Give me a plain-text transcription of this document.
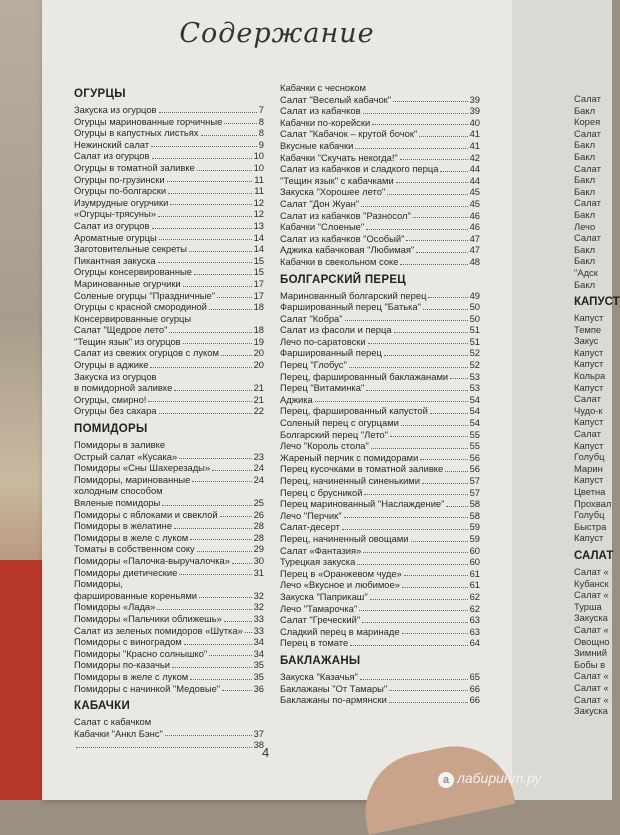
Содержание
ОГУРЦЫ
Закуска из огурцов	7
Огурцы маринованные горчичные	8
Огурцы в капустных листьях	8
Нежинский салат	9
Салат из огурцов	10
Огурцы в томатной заливке	10
Огурцы по-грузински	11
Огурцы по-болгарски	11
Изумрудные огурчики	12
«Огурцы-трясуны»	12
Салат из огурцов	13
Ароматные огурцы	14
Заготовительные секреты	14
Пикантная закуска	15
Огурцы консервированные	15
Маринованные огурчики	17
Соленые огурцы "Праздничные"	17
Огурцы с красной смородиной	18
Консервированные огурцы
Салат "Щедрое лето"	18
"Тещин язык" из огурцов	19
Салат из свежих огурцов с луком	20
Огурцы в аджике	20
Закуска из огурцов
в помидорной заливке	21
Огурцы, смирно!	21
Огурцы без сахара	22
ПОМИДОРЫ
Помидоры в заливке
Острый салат «Кусака»	23
Помидоры «Сны Шахерезады»	24
Помидоры, маринованные	24
холодным способом
Вяленые помидоры	25
Помидоры с яблоками и свеклой	26
Помидоры в желатине	28
Помидоры в желе с луком	28
Томаты в собственном соку	29
Помидоры «Палочка-выручалочка»	30
Помидоры диетические	31
Помидоры,
фаршированные кореньями	32
Помидоры «Лада»	32
Помидоры «Пальчики оближешь»	33
Салат из зеленых помидоров «Шутка» 33
Помидоры с виноградом	34
Помидоры "Красно солнышко"	34
Помидоры по-казачьи	35
Помидоры в желе с луком	35
Помидоры с начинкой "Медовые"	36
КАБАЧКИ
Салат с кабачком
Кабачки "Анкл Бэнс"	37
38
Кабачки с чесноком
Салат "Веселый кабачок"	39
Салат из кабачков	39
Кабачки по-корейски	40
Салат "Кабачок – крутой бочок"	41
Вкусные кабачки	41
Кабачки "Скучать некогда!"	42
Салат из кабачков и сладкого перца	44
"Тещин язык" с кабачками	44
Закуска "Хорошее лето"	45
Салат "Дон Жуан"	45
Салат из кабачков "Разносол"	46
Кабачки "Слоеные"	46
Салат из кабачков "Особый"	47
Аджика кабачковая "Любимая"	47
Кабачки в свекольном соке	48
БОЛГАРСКИЙ ПЕРЕЦ
Маринованный болгарский перец	49
Фаршированный перец "Батька"	50
Салат "Кобра"	50
Салат из фасоли и перца	51
Лечо по-саратовски	51
Фаршированный перец	52
Перец "Глобус"	52
Перец, фаршированный баклажанами 53
Перец "Витаминка"	53
Аджика	54
Перец, фаршированный капустой	54
Соленый перец с огурцами	54
Болгарский перец "Лето"	55
Лечо "Король стола"	55
Жареный перчик с помидорами	56
Перец кусочками в томатной заливке	56
Перец, начиненный синенькими	57
Перец с брусникой	57
Перец маринованный "Наслаждение"	58
Лечо "Перчик"	58
Салат-десерт	59
Перец, начиненный овощами	59
Салат «Фантазия»	60
Турецкая закуска	60
Перец в «Оранжевом чуде»	61
Лечо «Вкусное и любимое»	61
Закуска "Паприкаш"	62
Лечо "Тамарочка"	62
Салат "Греческий"	63
Сладкий перец в маринаде	63
Перец в томате	64
БАКЛАЖАНЫ
Закуска "Казачья"	65
Баклажаны "От Тамары"	66
Баклажаны по-армянски	66
4
Салат
Бакл
Корея
Салат
Бакл
Бакл
Салат
Бакл
Бакл
Салат
Бакл
Лечо
Салат
Бакл
Бакл
"Адск
Бакл
КАПУСТ
Капуст
Темпе
Закус
Капуст
Капуст
Кольра
Капуст
Салат
Чудо-к
Капуст
Салат
Капуст
Голубц
Марин
Капуст
Цветна
Прохвал
Голубц
Быстра
Капуст
САЛАТ
Салат «
Кубанск
Салат «
Турша
Закуска
Салат «
Овощно
Зимний
Бобы в
Салат «
Салат «
Салат «
Закуска
а лабиринт.ру
